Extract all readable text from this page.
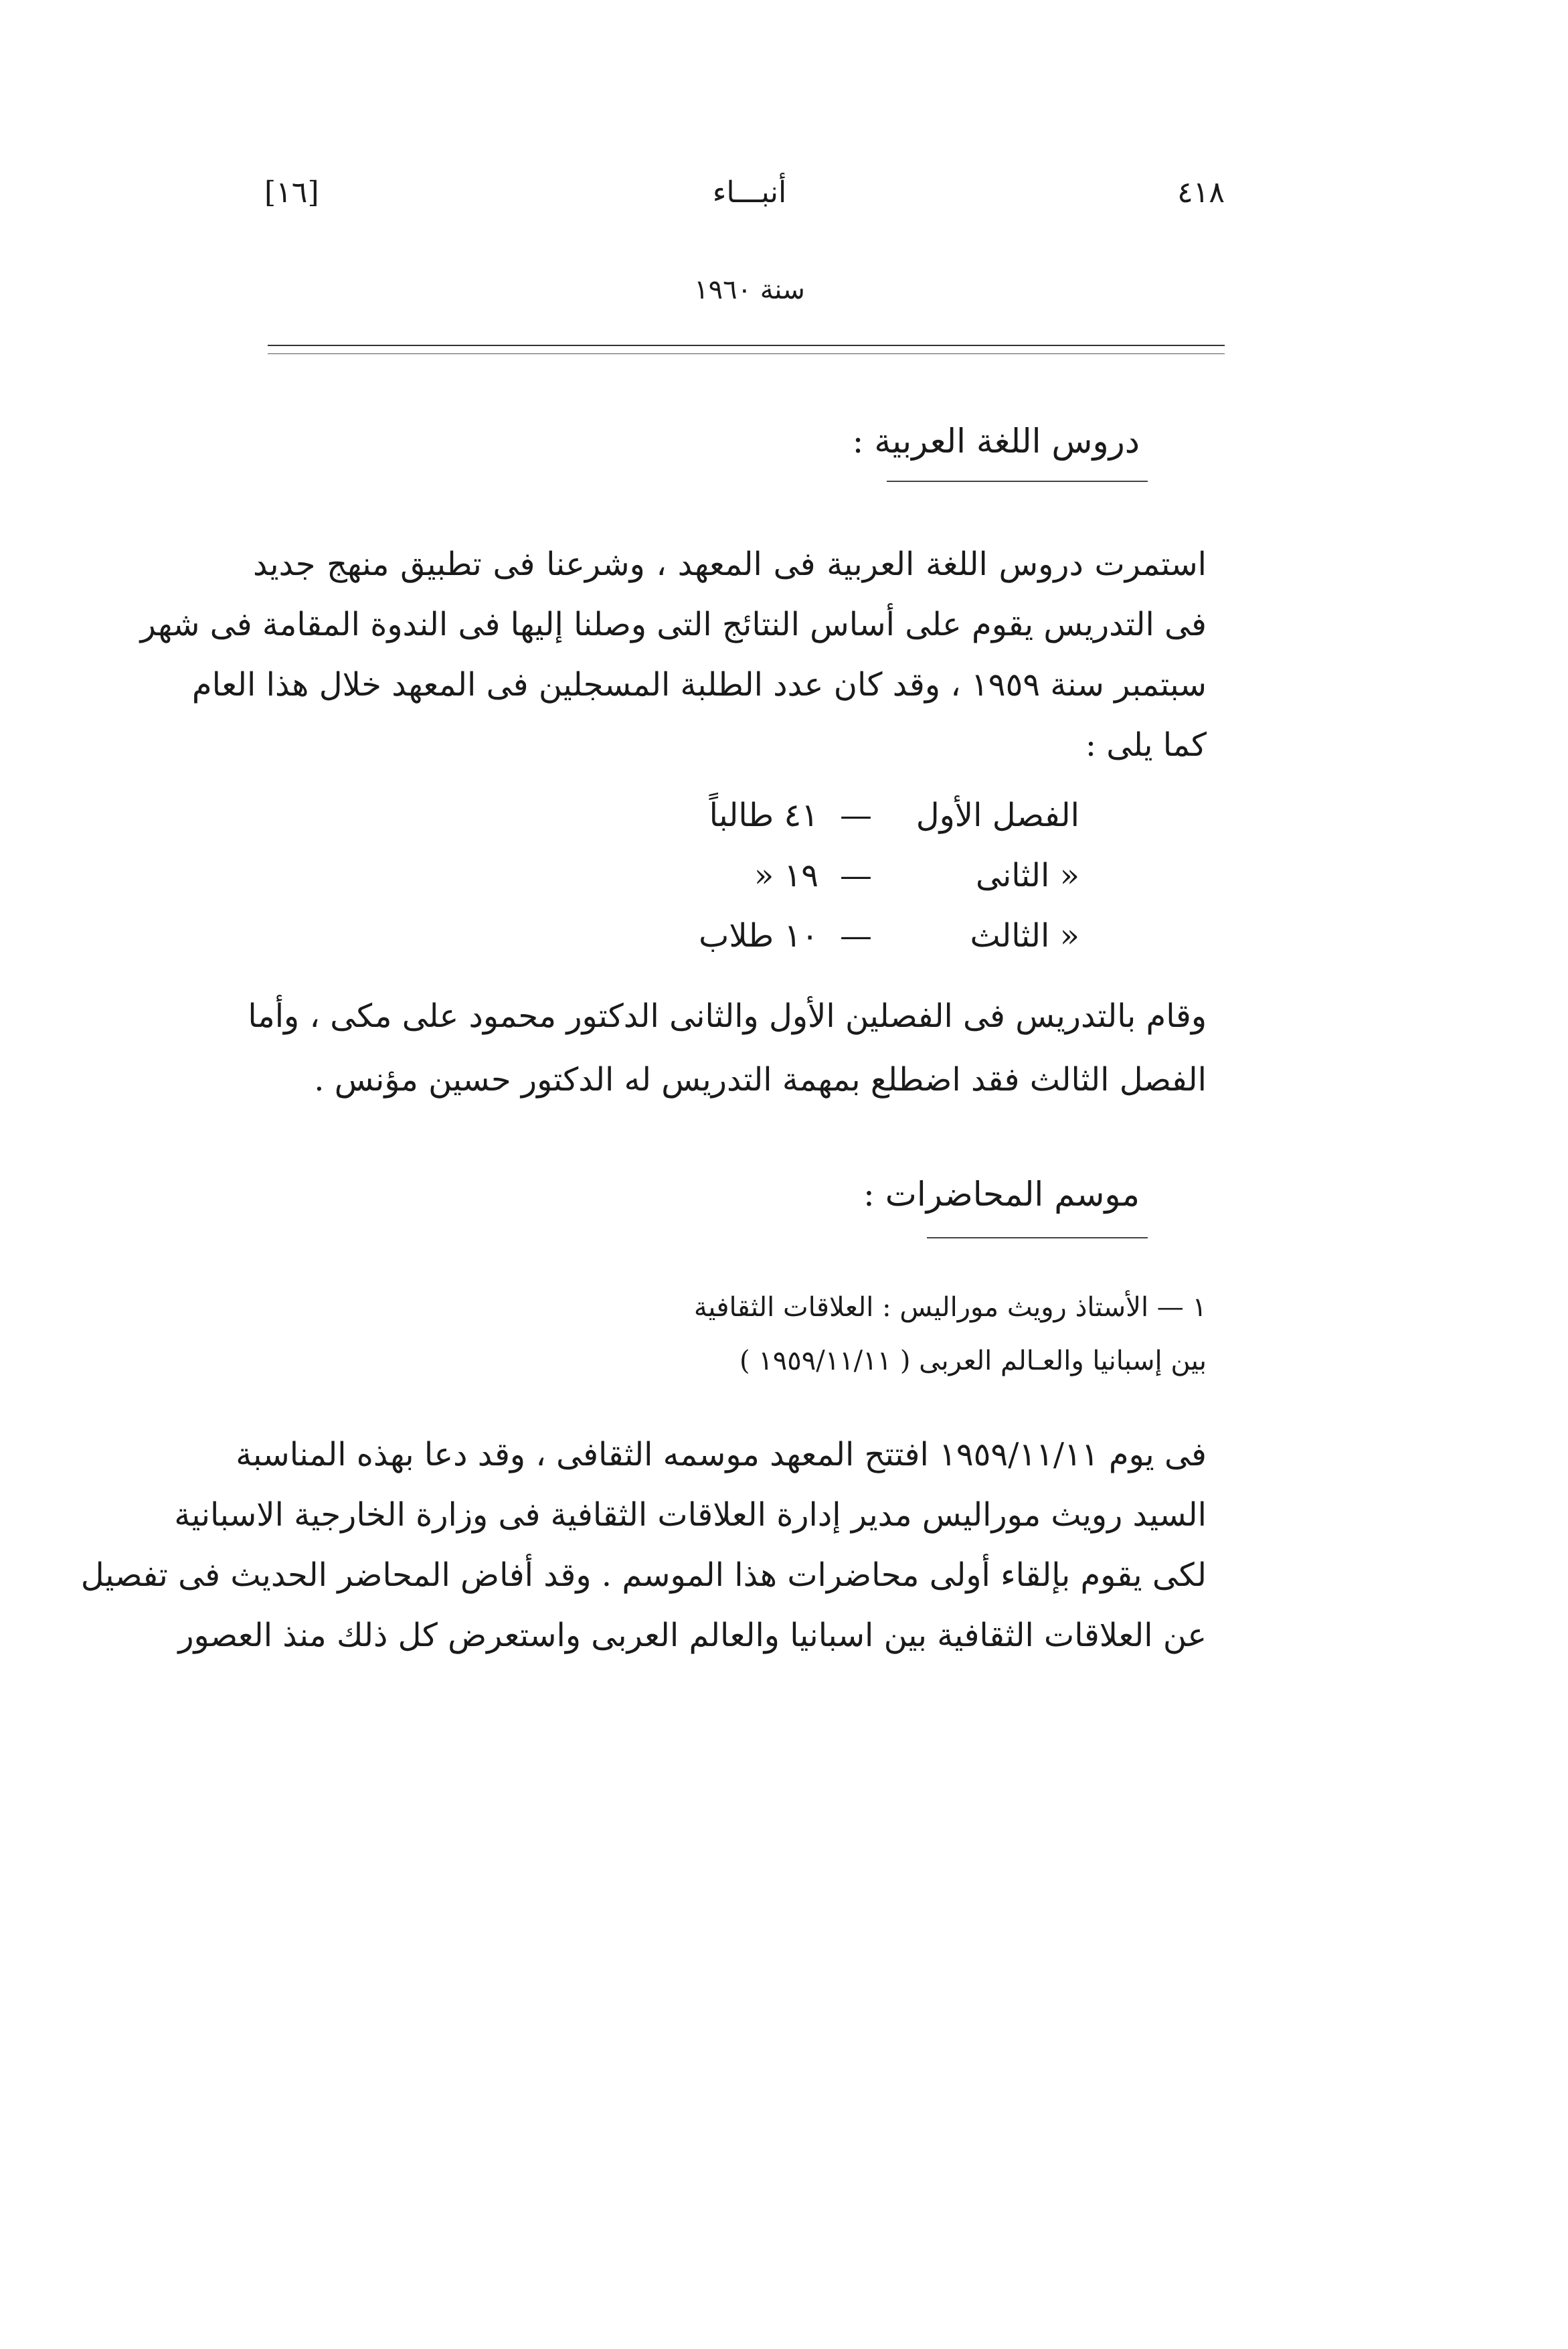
٤١٨
أنبـــاء
[١٦]
سنة ١٩٦٠
دروس اللغة العربية :
استمرت دروس اللغة العربية فى المعهد ، وشرعنا فى تطبيق منهج جديد
فى التدريس يقوم على أساس النتائج التى وصلنا إليها فى الندوة المقامة فى شهر
سبتمبر سنة ١٩٥٩ ، وقد كان عدد الطلبة المسجلين فى المعهد خلال هذا العام
كما يلى :
الفصل الأول
—
٤١ طالباً
« الثانى
—
١٩ «
« الثالث
—
١٠ طلاب
وقام بالتدريس فى الفصلين الأول والثانى الدكتور محمود على مكى ، وأما
الفصل الثالث فقد اضطلع بمهمة التدريس له الدكتور حسين مؤنس .
موسم المحاضرات :
١ — الأستاذ رويث موراليس : العلاقات الثقافية
بين إسبانيا والعـالم العربى ( ١٩٥٩/١١/١١ )
فى يوم ١٩٥٩/١١/١١ افتتح المعهد موسمه الثقافى ، وقد دعا بهذه المناسبة
السيد رويث موراليس مدير إدارة العلاقات الثقافية فى وزارة الخارجية الاسبانية
لكى يقوم بإلقاء أولى محاضرات هذا الموسم . وقد أفاض المحاضر الحديث فى تفصيل
عن العلاقات الثقافية بين اسبانيا والعالم العربى واستعرض كل ذلك منذ العصور
